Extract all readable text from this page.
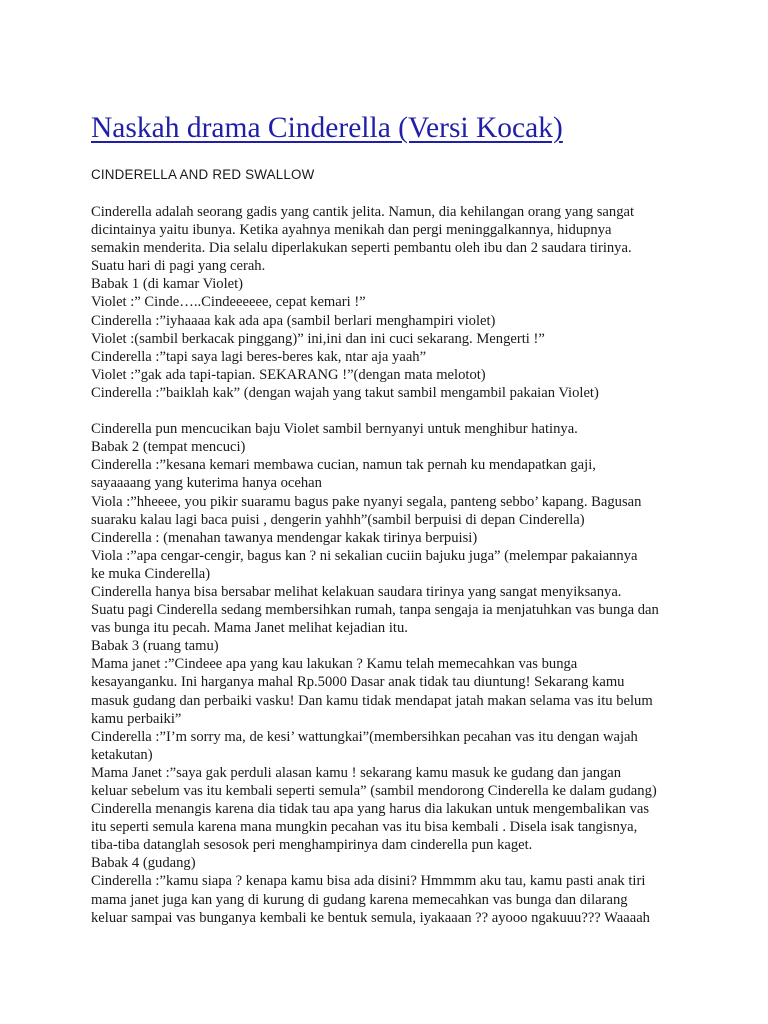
Naskah drama Cinderella (Versi Kocak)
CINDERELLA AND RED SWALLOW
Cinderella adalah seorang gadis yang cantik jelita. Namun, dia kehilangan orang yang sangat
dicintainya yaitu ibunya. Ketika ayahnya menikah dan pergi meninggalkannya, hidupnya
semakin menderita. Dia selalu diperlakukan seperti pembantu oleh ibu dan 2 saudara tirinya.
Suatu hari di pagi yang cerah.
Babak 1 (di kamar Violet)
Violet :” Cinde…..Cindeeeeee, cepat kemari !”
Cinderella :”iyhaaaa kak ada apa (sambil berlari menghampiri violet)
Violet :(sambil berkacak pinggang)” ini,ini dan ini cuci sekarang. Mengerti !”
Cinderella :”tapi saya lagi beres-beres kak, ntar aja yaah”
Violet :”gak ada tapi-tapian. SEKARANG !”(dengan mata melotot)
Cinderella :”baiklah kak” (dengan wajah yang takut sambil mengambil pakaian Violet)
Cinderella pun mencucikan baju Violet sambil bernyanyi untuk menghibur hatinya.
Babak 2 (tempat mencuci)
Cinderella :”kesana kemari membawa cucian, namun tak pernah ku mendapatkan gaji,
sayaaaang yang kuterima hanya ocehan
Viola :”hheeee, you pikir suaramu bagus pake nyanyi segala, panteng sebbo’ kapang. Bagusan
suaraku kalau lagi baca puisi , dengerin yahhh”(sambil berpuisi di depan Cinderella)
Cinderella : (menahan tawanya mendengar kakak tirinya berpuisi)
Viola :”apa cengar-cengir, bagus kan ? ni sekalian cuciin bajuku juga” (melempar pakaiannya
ke muka Cinderella)
Cinderella hanya bisa bersabar melihat kelakuan saudara tirinya yang sangat menyiksanya.
Suatu pagi Cinderella sedang membersihkan rumah, tanpa sengaja ia menjatuhkan vas bunga dan
vas bunga itu pecah. Mama Janet melihat kejadian itu.
Babak 3 (ruang tamu)
Mama janet :”Cindeee apa yang kau lakukan ? Kamu telah memecahkan vas bunga
kesayanganku. Ini harganya mahal Rp.5000 Dasar anak tidak tau diuntung! Sekarang kamu
masuk gudang dan perbaiki vasku! Dan kamu tidak mendapat jatah makan selama vas itu belum
kamu perbaiki”
Cinderella :”I’m sorry ma, de kesi’ wattungkai”(membersihkan pecahan vas itu dengan wajah
ketakutan)
Mama Janet :”saya gak perduli alasan kamu ! sekarang kamu masuk ke gudang dan jangan
keluar sebelum vas itu kembali seperti semula” (sambil mendorong Cinderella ke dalam gudang)
Cinderella menangis karena dia tidak tau apa yang harus dia lakukan untuk mengembalikan vas
itu seperti semula karena mana mungkin pecahan vas itu bisa kembali . Disela isak tangisnya,
tiba-tiba datanglah sesosok peri menghampirinya dam cinderella pun kaget.
Babak 4 (gudang)
Cinderella :”kamu siapa ? kenapa kamu bisa ada disini? Hmmmm aku tau, kamu pasti anak tiri
mama janet juga kan yang di kurung di gudang karena memecahkan vas bunga dan dilarang
keluar sampai vas bunganya kembali ke bentuk semula, iyakaaan ?? ayooo ngakuuu??? Waaaah
